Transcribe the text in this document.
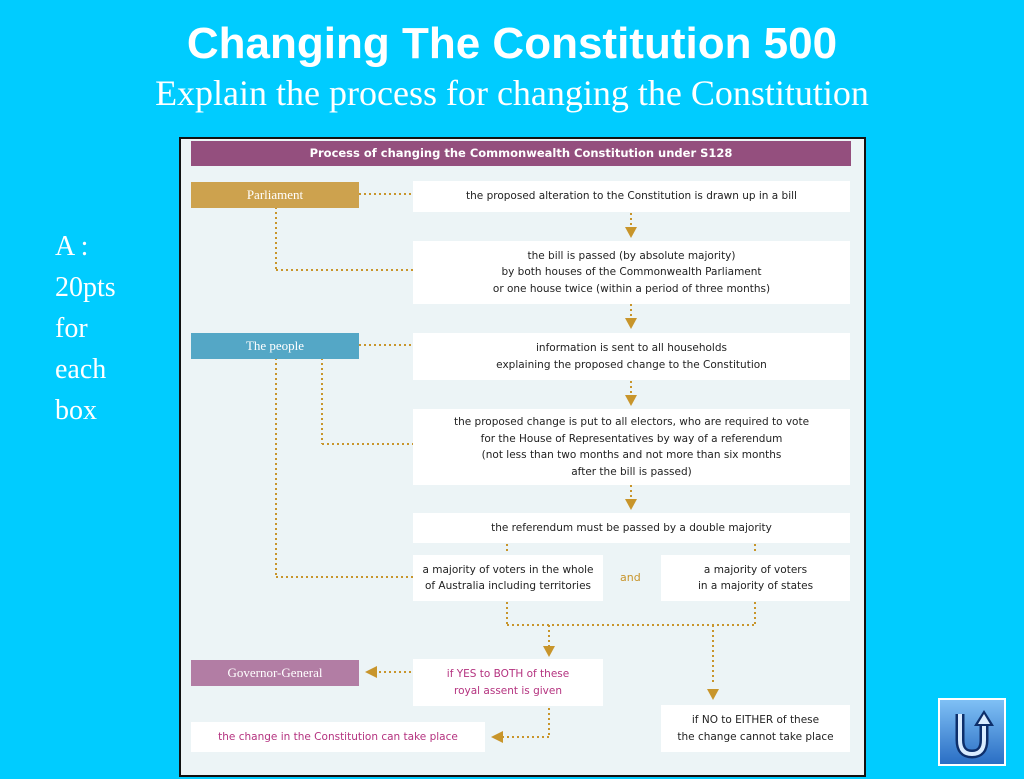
Changing The Constitution 500
Explain the process for changing the Constitution
A :
20pts
for
each
box
Process of changing the Commonwealth Constitution under S128
Parliament
The people
Governor-General
the proposed alteration to the Constitution is drawn up in a bill
the bill is passed (by absolute majority)
by both houses of the Commonwealth Parliament
or one house twice (within a period of three months)
information is sent to all households
explaining the proposed change to the Constitution
the proposed change is put to all electors, who are required to vote
for the House of Representatives by way of a referendum
(not less than two months and not more than six months
after the bill is passed)
the referendum must be passed by a double majority
a majority of voters in the whole
of Australia including territories
and
a majority of voters
in a majority of states
if YES to BOTH of these
royal assent is given
the change in the Constitution can take place
if NO to EITHER of these
the change cannot take place
